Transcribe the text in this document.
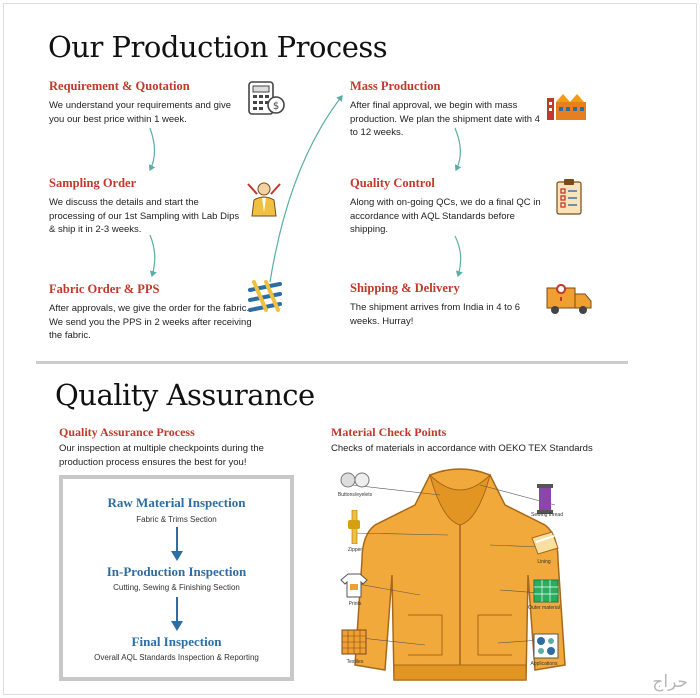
Our Production Process
Requirement & Quotation
We understand your requirements and give you our best price within 1 week.
Sampling Order
We discuss the details and start the processing of our 1st Sampling with Lab Dips & ship it in 2-3 weeks.
Fabric Order & PPS
After approvals, we give the order for the fabric. We send you the PPS in 2 weeks after receiving the fabric.
Mass Production
After final approval, we begin with mass production. We plan the shipment date with 4 to 12 weeks.
Quality Control
Along with on-going QCs, we do a final QC in accordance with AQL Standards before shipping.
Shipping & Delivery
The shipment arrives from India in 4 to 6 weeks. Hurray!
$
Quality Assurance
Quality Assurance Process
Our inspection at multiple checkpoints during the production process ensures the best for you!
Raw Material Inspection
Fabric & Trims Section
In-Production Inspection
Cutting, Sewing & Finishing Section
Final Inspection
Overall AQL Standards Inspection & Reporting
Material Check Points
Checks of materials in accordance with OEKO TEX Standards
Buttons/eyelets
Zipper
Prints
Textiles
Sewing thread
Lining
Outer material
Applications
حراج
